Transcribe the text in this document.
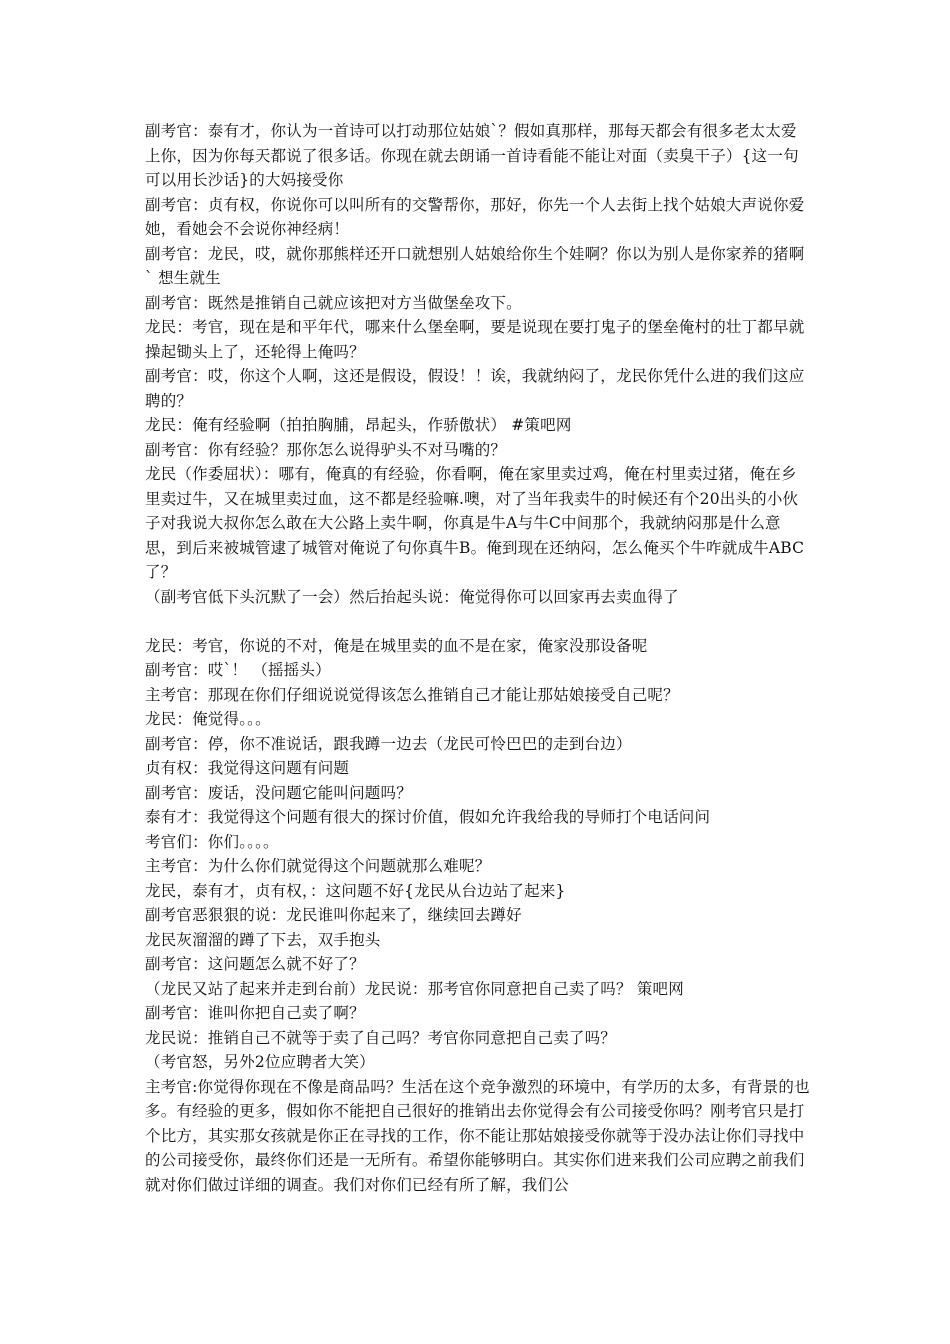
副考官：泰有才，你认为一首诗可以打动那位姑娘`？假如真那样，那每天都会有很多老太太爱上你，因为你每天都说了很多话。你现在就去朗诵一首诗看能不能让对面（卖臭干子）{这一句可以用长沙话}的大妈接受你

副考官：贞有权，你说你可以叫所有的交警帮你，那好，你先一个人去街上找个姑娘大声说你爱她，看她会不会说你神经病！

副考官：龙民，哎，就你那熊样还开口就想别人姑娘给你生个娃啊？你以为别人是你家养的猪啊` 想生就生

副考官：既然是推销自己就应该把对方当做堡垒攻下。

龙民：考官，现在是和平年代，哪来什么堡垒啊，要是说现在要打鬼子的堡垒俺村的壮丁都早就操起锄头上了，还轮得上俺吗？

副考官：哎，你这个人啊，这还是假设，假设！！诶，我就纳闷了，龙民你凭什么进的我们这应聘的？

龙民：俺有经验啊（拍拍胸脯，昂起头，作骄傲状） #策吧网

副考官：你有经验？那你怎么说得驴头不对马嘴的？

龙民（作委屈状）：哪有，俺真的有经验，你看啊，俺在家里卖过鸡，俺在村里卖过猪，俺在乡里卖过牛，又在城里卖过血，这不都是经验嘛.噢，对了当年我卖牛的时候还有个20出头的小伙子对我说大叔你怎么敢在大公路上卖牛啊，你真是牛A与牛C中间那个，我就纳闷那是什么意思，到后来被城管逮了城管对俺说了句你真牛B。俺到现在还纳闷，怎么俺买个牛咋就成牛ABC了？

（副考官低下头沉默了一会）然后抬起头说：俺觉得你可以回家再去卖血得了

龙民：考官，你说的不对，俺是在城里卖的血不是在家，俺家没那设备呢

副考官：哎`！ （摇摇头）

主考官：那现在你们仔细说说觉得该怎么推销自己才能让那姑娘接受自己呢？

龙民：俺觉得。。。

副考官：停，你不准说话，跟我蹲一边去（龙民可怜巴巴的走到台边）

贞有权：我觉得这问题有问题

副考官：废话，没问题它能叫问题吗？

泰有才：我觉得这个问题有很大的探讨价值，假如允许我给我的导师打个电话问问

考官们：你们。。。。

主考官：为什么你们就觉得这个问题就那么难呢？

龙民，泰有才，贞有权，：这问题不好{龙民从台边站了起来}

副考官恶狠狠的说：龙民谁叫你起来了，继续回去蹲好

龙民灰溜溜的蹲了下去，双手抱头

副考官：这问题怎么就不好了？

（龙民又站了起来并走到台前）龙民说：那考官你同意把自己卖了吗？ 策吧网

副考官：谁叫你把自己卖了啊？

龙民说：推销自己不就等于卖了自己吗？考官你同意把自己卖了吗？

（考官怒，另外2位应聘者大笑）

主考官:你觉得你现在不像是商品吗？生活在这个竞争激烈的环境中，有学历的太多，有背景的也多。有经验的更多，假如你不能把自己很好的推销出去你觉得会有公司接受你吗？刚考官只是打个比方，其实那女孩就是你正在寻找的工作，你不能让那姑娘接受你就等于没办法让你们寻找中的公司接受你，最终你们还是一无所有。希望你能够明白。其实你们进来我们公司应聘之前我们就对你们做过详细的调查。我们对你们已经有所了解，我们公
